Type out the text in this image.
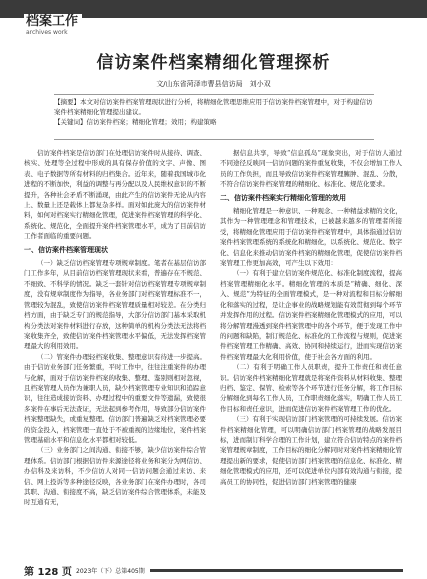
档案工作
archives work
信访案件档案精细化管理探析
文/山东省菏泽市曹县信访局　刘小双
【摘要】本文对信访案件档案管理现状进行分析，将精细化管理思维应用于信访案件档案管理中，对于构建信访案件档案精细化管理提出建议。
【关键词】信访案件档案；精细化管理；效用；构建策略

信访案件档案是信访部门在处理信访案件时从接待、调查、核实、处理等全过程中形成的具有保存价值的文字、声像、图表、电子数据等所有材料的归档集合。近年来，随着我国城市化进程的不断加快，利益的调整与再分配以及人民维权意识的不断提升，各种社会矛盾不断涌现，由此产生的信访案件无论从内容上、数量上还是载体上都复杂多样。面对如此庞大的信访案件材料，如何对档案实行精细化管理，促进案件档案管理的科学化、系统化、规范化，全面提升案件档案管理水平，成为了目前信访工作者面临的重要问题。

一、信访案件档案管理现状

（一）缺乏信访档案管理专项规章制度。笔者在基层信访部门工作多年，从目前信访档案管理现状来看，普遍存在不规范、不细致、不科学的情况。缺乏一套针对信访档案管理专项规章制度，没有规章制度作为指导，各业务部门对档案管理标准不一，管理较为混乱，致使信访案件档案管理质量相对较差。在分类归档方面，由于缺乏专门的规范指导，大部分信访部门基本采取机构分类法对案件材料进行存放，这种简单的机构分类法无法将档案收集齐全，致使信访案件档案管理水平偏低，无法发挥档案管理最大的利用效用。

（二）管案件办理轻档案收集、整理意识有待进一步提高。由于信访业务部门任务繁重，平时工作中，往往注重案件的办理与化解，面对于信访案件档案的收集、整理、鉴别则相对忽视，且档案管理人员作为兼职人员，缺少档案管理专业知识和追踪意识，往往造成接访资料、办理过程中的重要文件等遗漏，致使很多案件在事后无法查证，无法起到参考作用，导致部分信访案件档案整理缺失，或重复整理。信访部门普遍缺乏对档案管理必要的资金投入，档案管理一直处于不被重视的边缘地位，案件档案管理基础水平和信息化水平都相对较低。

（三）业务部门之间沟通、衔接不够，缺少信访案件综合管理体系。信访部门根据信访件来源途径将业务和案分为网信访、办信科及来访科，不少信访人对同一信访问题会通过来访、来信、网上投诉等多种途径反映，各业务部门在案件办理时，各司其职、沟通、衔接度不高，缺乏信访案件综合管理体系，未能及时互通有无，

据信息共享，导致“信息孤岛”现象突出，对于信访人通过不同途径反映同一信访问题的案件重复收集，不仅会增加工作人员的工作负担，而且导致信访案件档案管理臃肿、混乱、分散，不符合信访案件档案管理的精细化、标准化、规范化要求。

二、信访案件档案实行精细化管理的效用

精细化管理是一种意识、一种观念、一种精益求精的文化，其作为一种管理理念和管理技术，已被越来越多的管理者所接受，将精细化管理应用于信访案件档案管理中，具体指通过信访案件档案管理系统的系统化和精细化，以系统化、规范化、数字化、信息化来推动信访案件档案的精细化管理，促使信访案件档案管理工作更加高效，可产生以下效用：

（一）有利于建立信访案件规范化、标准化制度流程，提高档案管理精细化水平。精细化管理的本质是“精确、细化、深入、规范”为特征的全面管理模式，是一种对流程和目标分解细化和落实的过程，是让企事业的战略规划能有效贯彻到每个环节并发挥作用的过程。信访案件档案精细化管理模式的应用，可以将分解管理漫透到案件档案管理中的各个环节，便于发现工作中的问题和缺陷，制订规范化、标准化的工作流程与规则，促进案件档案管理工作精确、高效、协同和持续运行，进而实现信访案件档案管理最大化利用价值，使于社会各方面的利用。

（二）有利于明确工作人员职责，提升工作责任和责任意识。信访案件档案精细化管理就是将案件资料从材料收集、整理归档、鉴定、保管、检索等各个环节进行任务分解，将工作目标分解细化到每名工作人员，工作职责细化落实，明确工作人员工作目标和责任意识，进而促进信访案件档案管理工作的优化。

（三）有利于实现信访部门档案管理的可持续发展。信访案件档案精细化管理，可以明确信访部门档案管理的战略发展目标，进而制订科学合理的工作计划，建立符合信访特点的案件档案管理规章制度，工作目标的细化分解同时对案件档案精细化管理提出新的要求，促使信访部门档案管理的信息化、标准化、精细化管理模式的应用，还可以促进单位内部有效沟通与衔接，提高员工的协同性，促进信访部门档案管理的健康

第 128 页 2023年（下）总第405期
